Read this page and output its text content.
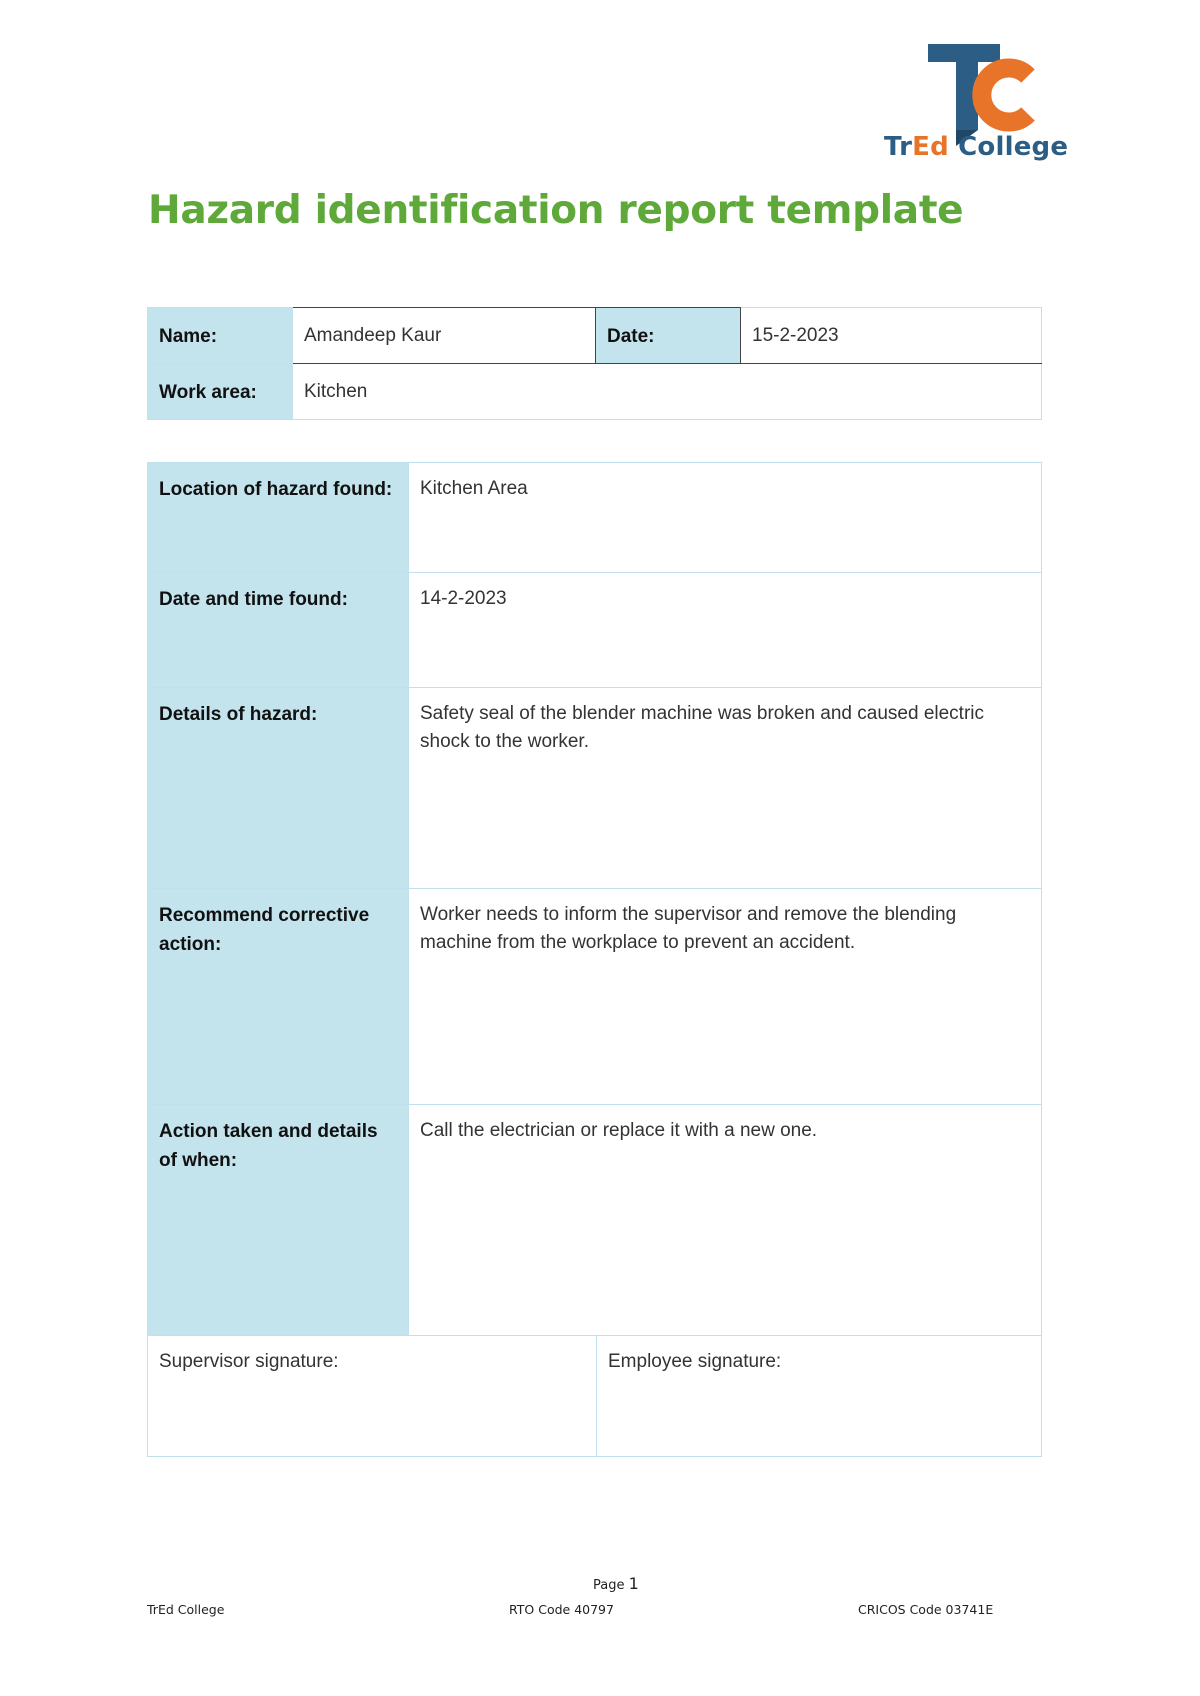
TrEd College
Hazard identification report template
Name:	Amandeep Kaur	Date:	15-2-2023
Work area:	Kitchen		
Location of hazard found:	Kitchen Area	
Date and time found:	14-2-2023	
Details of hazard:	Safety seal of the blender machine was broken and caused electric shock to the worker.	
Recommend corrective action:	Worker needs to inform the supervisor and remove the blending machine from the workplace to prevent an accident.	
Action taken and details of when:	Call the electrician or replace it with a new one.	
Supervisor signature:		Employee signature:
Page 1
TrEd College	RTO Code 40797	CRICOS Code 03741E
